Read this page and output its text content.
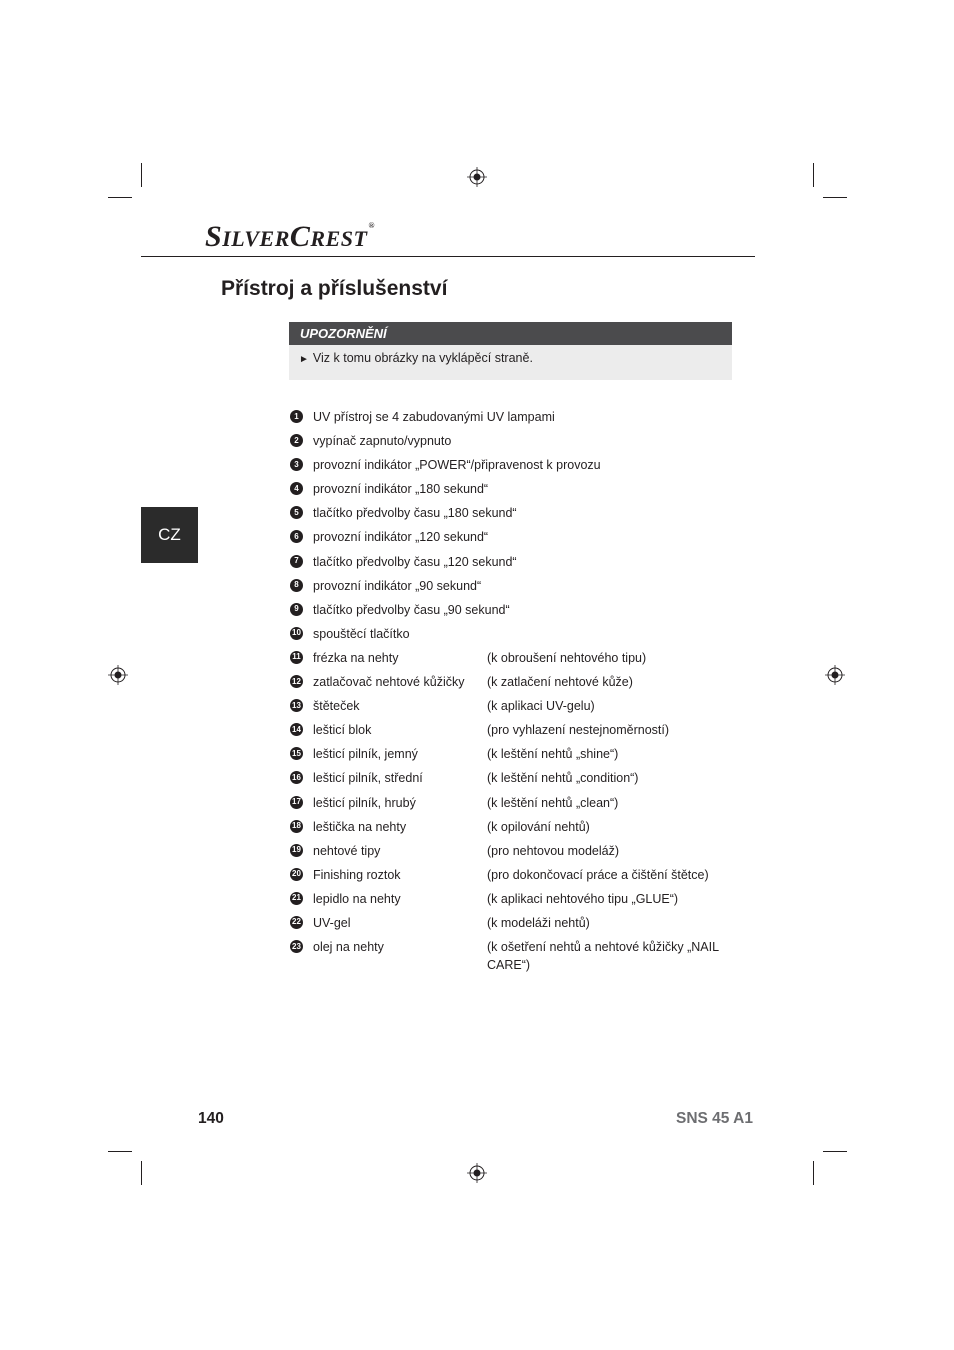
SILVERCREST®
Přístroj a příslušenství
UPOZORNĚNÍ
► Viz k tomu obrázky na vyklápěcí straně.
CZ
1	UV přístroj se 4 zabudovanými UV lampami
2	vypínač zapnuto/vypnuto
3	provozní indikátor „POWER“/připravenost k provozu
4	provozní indikátor „180 sekund“
5	tlačítko předvolby času „180 sekund“
6	provozní indikátor „120 sekund“
7	tlačítko předvolby času „120 sekund“
8	provozní indikátor „90 sekund“
9	tlačítko předvolby času „90 sekund“
10 spouštěcí tlačítko
11 frézka na nehty	(k obroušení nehtového tipu)
12 zatlačovač nehtové kůžičky (k zatlačení nehtové kůže)
13 štěteček	(k aplikaci UV-gelu)
14 lešticí blok	(pro vyhlazení nestejnoměrností)
15 lešticí pilník, jemný	(k leštění nehtů „shine“)
16 lešticí pilník, střední	(k leštění nehtů „condition“)
17 lešticí pilník, hrubý	(k leštění nehtů „clean“)
18 leštička na nehty	(k opilování nehtů)
19 nehtové tipy	(pro nehtovou modeláž)
20 Finishing roztok	(pro dokončovací práce a čištění štětce)
21 lepidlo na nehty	(k aplikaci nehtového tipu „GLUE“)
22 UV-gel	(k modeláži nehtů)
23 olej na nehty	(k ošetření nehtů a nehtové kůžičky „NAIL CARE“)
140	SNS 45 A1
